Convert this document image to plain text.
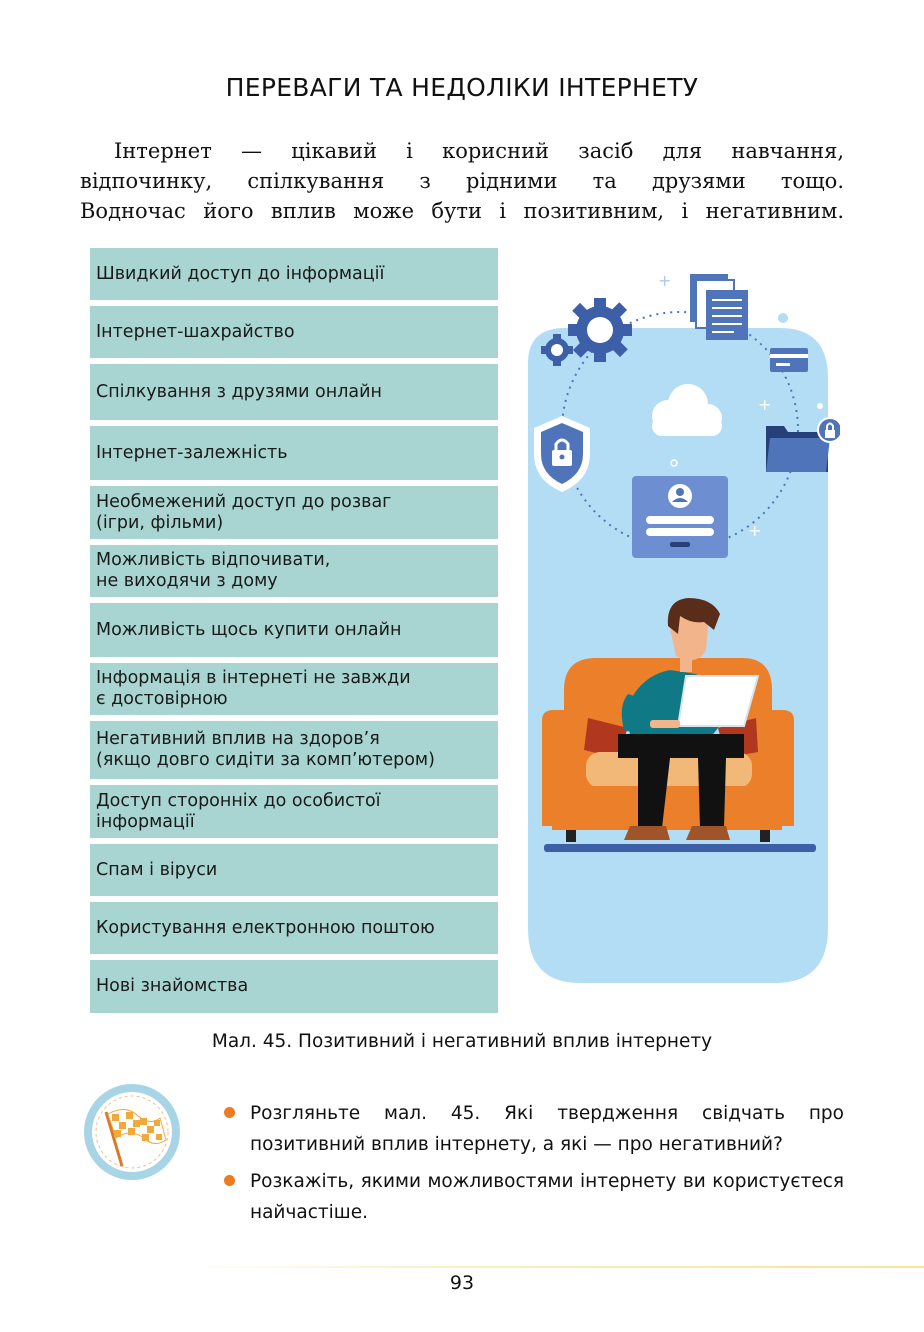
ПЕРЕВАГИ ТА НЕДОЛІКИ ІНТЕРНЕТУ
Інтернет — цікавий і корисний засіб для навчання,
відпочинку, спілкування з рідними та друзями тощо.
Водночас його вплив може бути і позитивним, і негативним.
Швидкий доступ до інформації
Інтернет-шахрайство
Спілкування з друзями онлайн
Інтернет-залежність
Необмежений доступ до розваг
(ігри, фільми)
Можливість відпочивати,
не виходячи з дому
Можливість щось купити онлайн
Інформація в інтернеті не завжди
є достовірною
Негативний вплив на здоров’я
(якщо довго сидіти за комп’ютером)
Доступ сторонніх до особистої
інформації
Спам і віруси
Користування електронною поштою
Нові знайомства
+
+
+
Мал. 45. Позитивний і негативний вплив інтернету
Розгляньте мал. 45. Які твердження свідчать про позитивний вплив інтернету, а які — про негативний?
Розкажіть, якими можливостями інтернету ви користуєтеся найчастіше.
93
